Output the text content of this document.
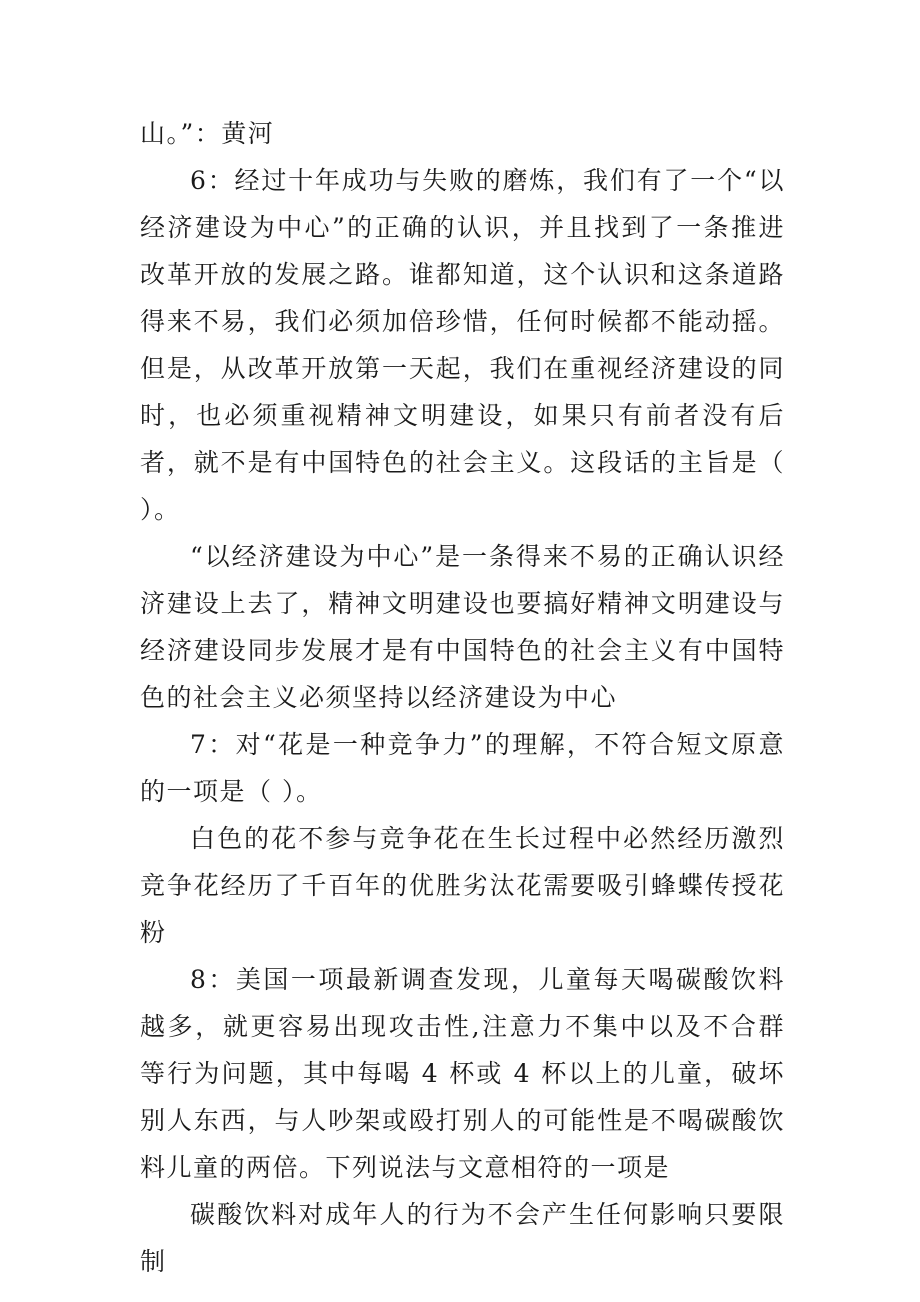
山。”：黄河

6：经过十年成功与失败的磨炼，我们有了一个“以经济建设为中心”的正确的认识，并且找到了一条推进改革开放的发展之路。谁都知道，这个认识和这条道路得来不易，我们必须加倍珍惜，任何时候都不能动摇。但是，从改革开放第一天起，我们在重视经济建设的同时，也必须重视精神文明建设，如果只有前者没有后者，就不是有中国特色的社会主义。这段话的主旨是（ ）。

“以经济建设为中心”是一条得来不易的正确认识经济建设上去了，精神文明建设也要搞好精神文明建设与经济建设同步发展才是有中国特色的社会主义有中国特色的社会主义必须坚持以经济建设为中心

7：对“花是一种竞争力”的理解，不符合短文原意的一项是（ ）。

白色的花不参与竞争花在生长过程中必然经历激烈竞争花经历了千百年的优胜劣汰花需要吸引蜂蝶传授花粉

8：美国一项最新调查发现，儿童每天喝碳酸饮料越多，就更容易出现攻击性,注意力不集中以及不合群等行为问题，其中每喝 4 杯或 4 杯以上的儿童，破坏别人东西，与人吵架或殴打别人的可能性是不喝碳酸饮料儿童的两倍。下列说法与文意相符的一项是

碳酸饮料对成年人的行为不会产生任何影响只要限制
